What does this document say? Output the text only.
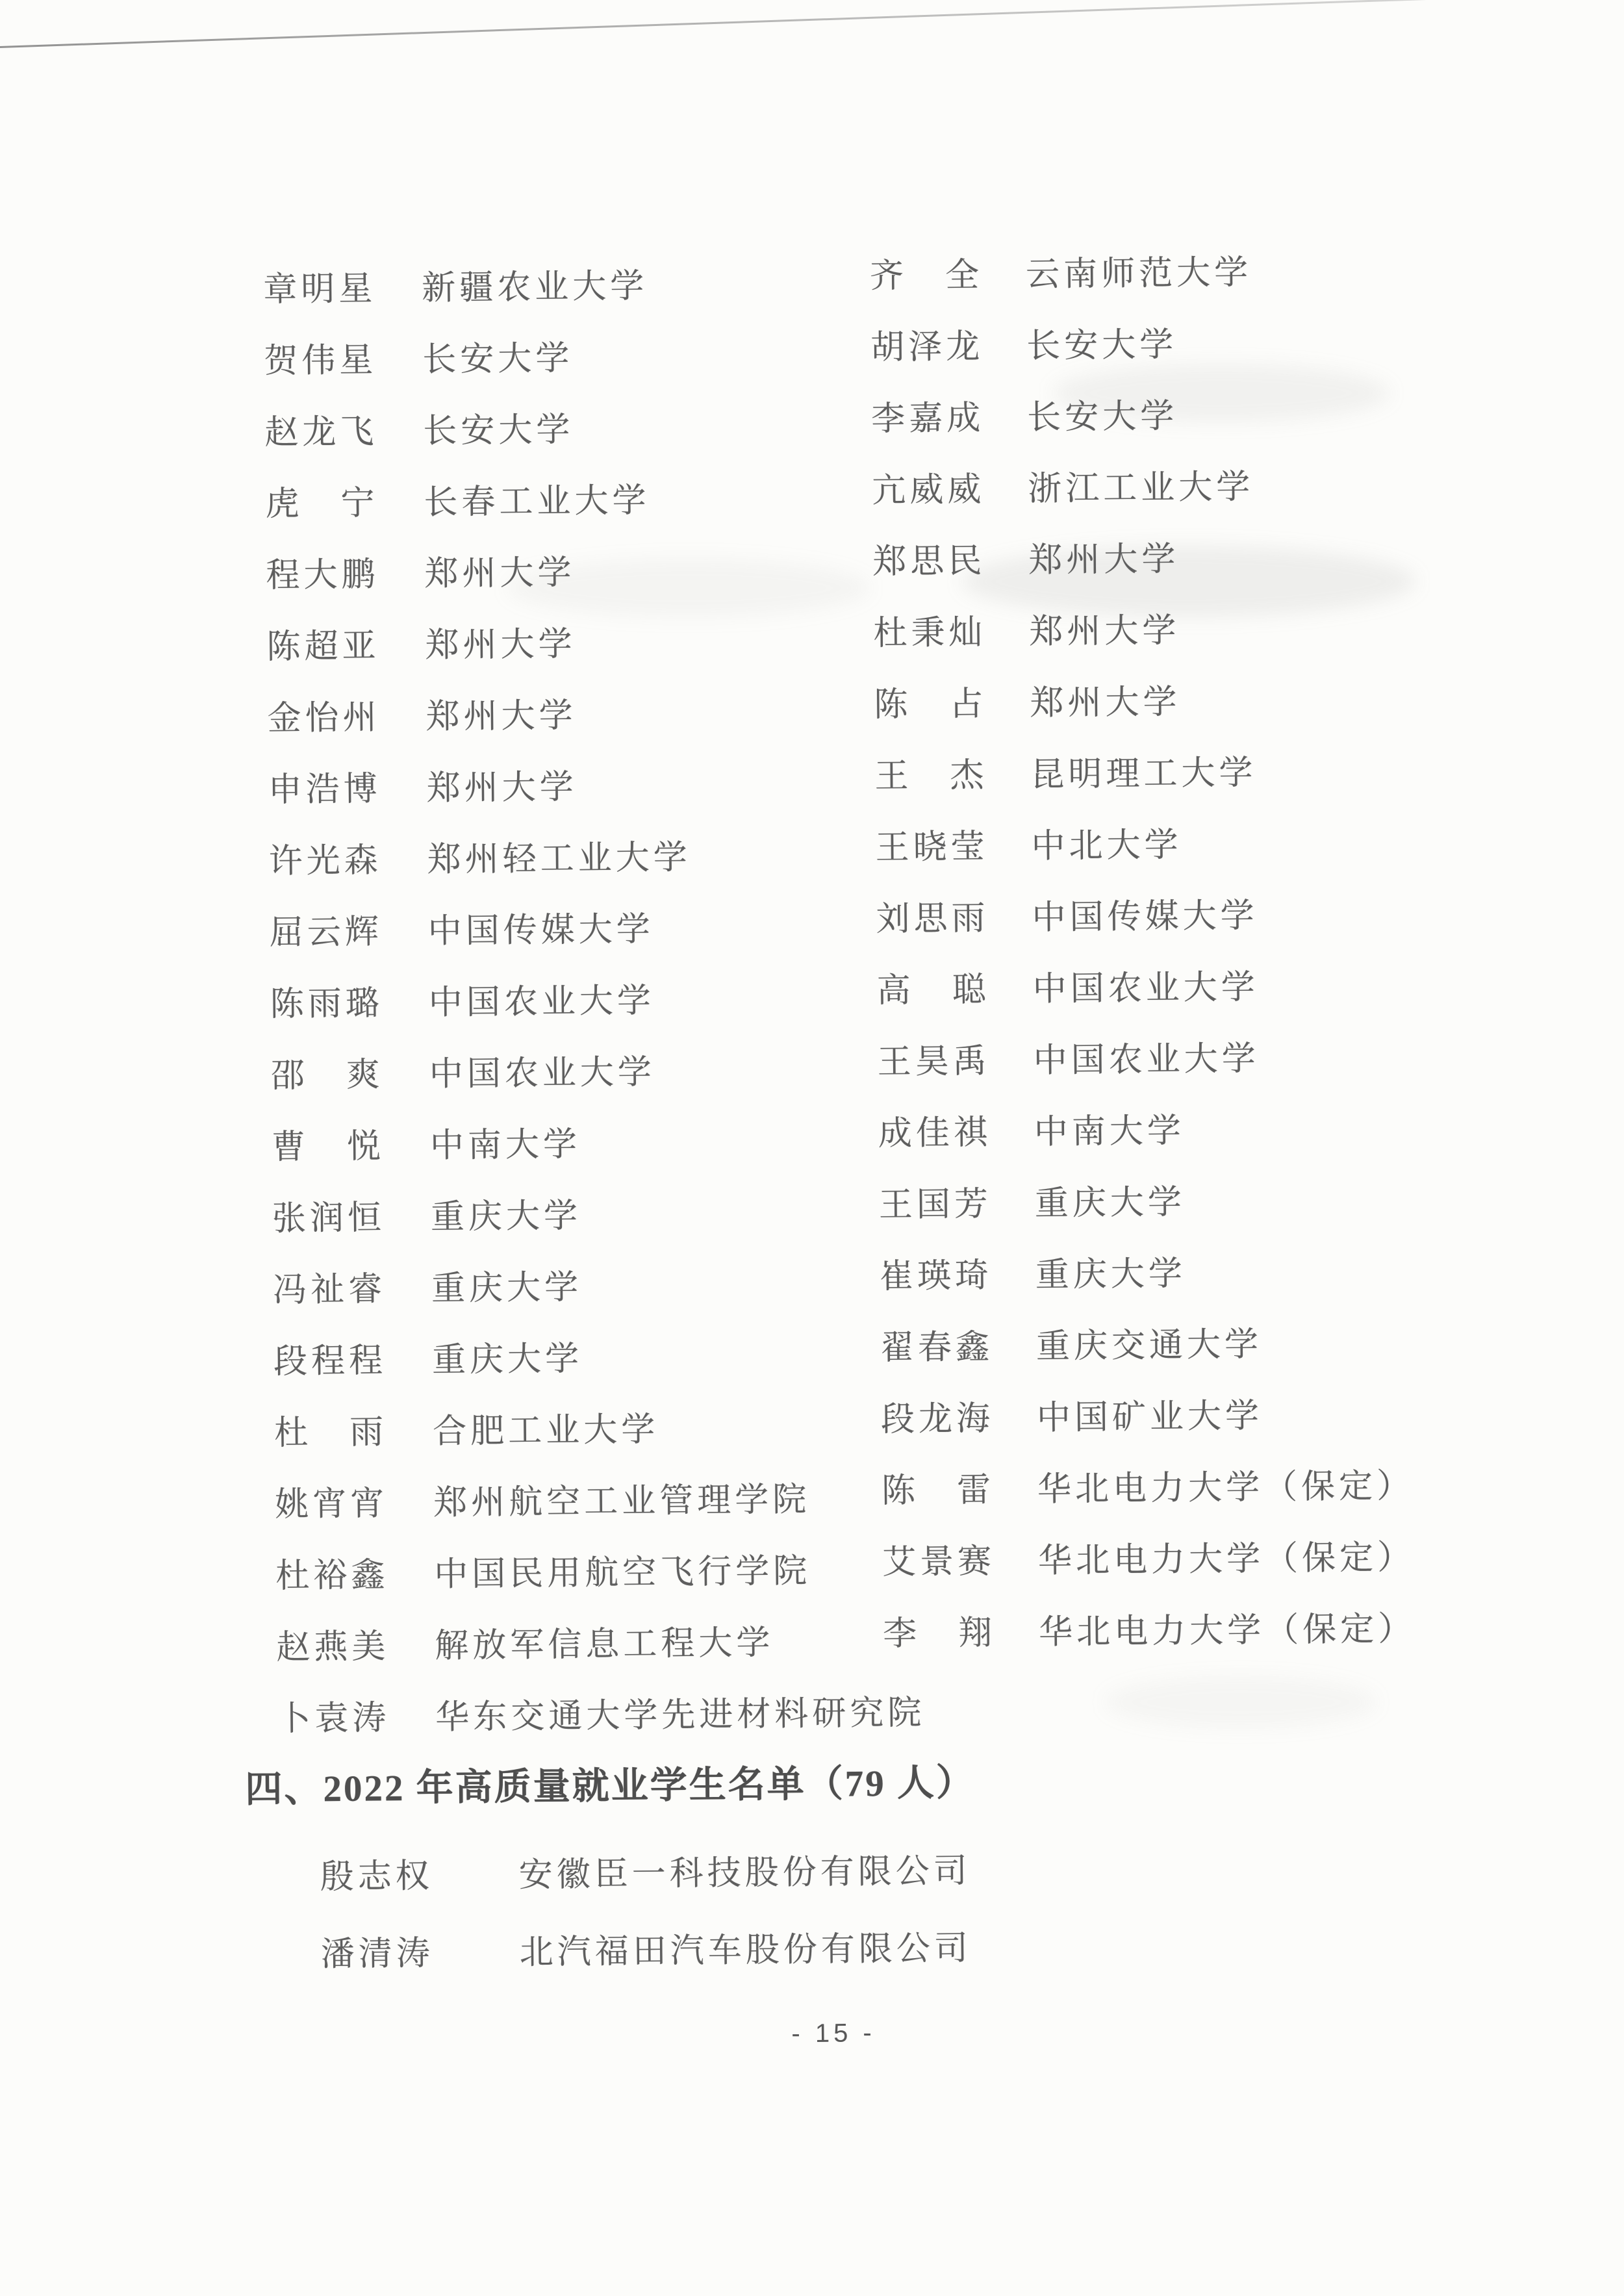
章明星 新疆农业大学
贺伟星 长安大学
赵龙飞 长安大学
虎　宁 长春工业大学
程大鹏 郑州大学
陈超亚 郑州大学
金怡州 郑州大学
申浩博 郑州大学
许光森 郑州轻工业大学
屈云辉 中国传媒大学
陈雨璐 中国农业大学
邵　爽 中国农业大学
曹　悦 中南大学
张润恒 重庆大学
冯祉睿 重庆大学
段程程 重庆大学
杜　雨 合肥工业大学
姚宵宵 郑州航空工业管理学院
杜裕鑫 中国民用航空飞行学院
赵燕美 解放军信息工程大学
卜袁涛 华东交通大学先进材料研究院
齐　全 云南师范大学
胡泽龙 长安大学
李嘉成 长安大学
亢威威 浙江工业大学
郑思民 郑州大学
杜秉灿 郑州大学
陈　占 郑州大学
王　杰 昆明理工大学
王晓莹 中北大学
刘思雨 中国传媒大学
高　聪 中国农业大学
王昊禹 中国农业大学
成佳祺 中南大学
王国芳 重庆大学
崔瑛琦 重庆大学
翟春鑫 重庆交通大学
段龙海 中国矿业大学
陈　雷 华北电力大学（保定）
艾景赛 华北电力大学（保定）
李　翔 华北电力大学（保定）
四、2022 年高质量就业学生名单（79 人）
殷志权	安徽臣一科技股份有限公司
潘清涛	北汽福田汽车股份有限公司
- 15 -
